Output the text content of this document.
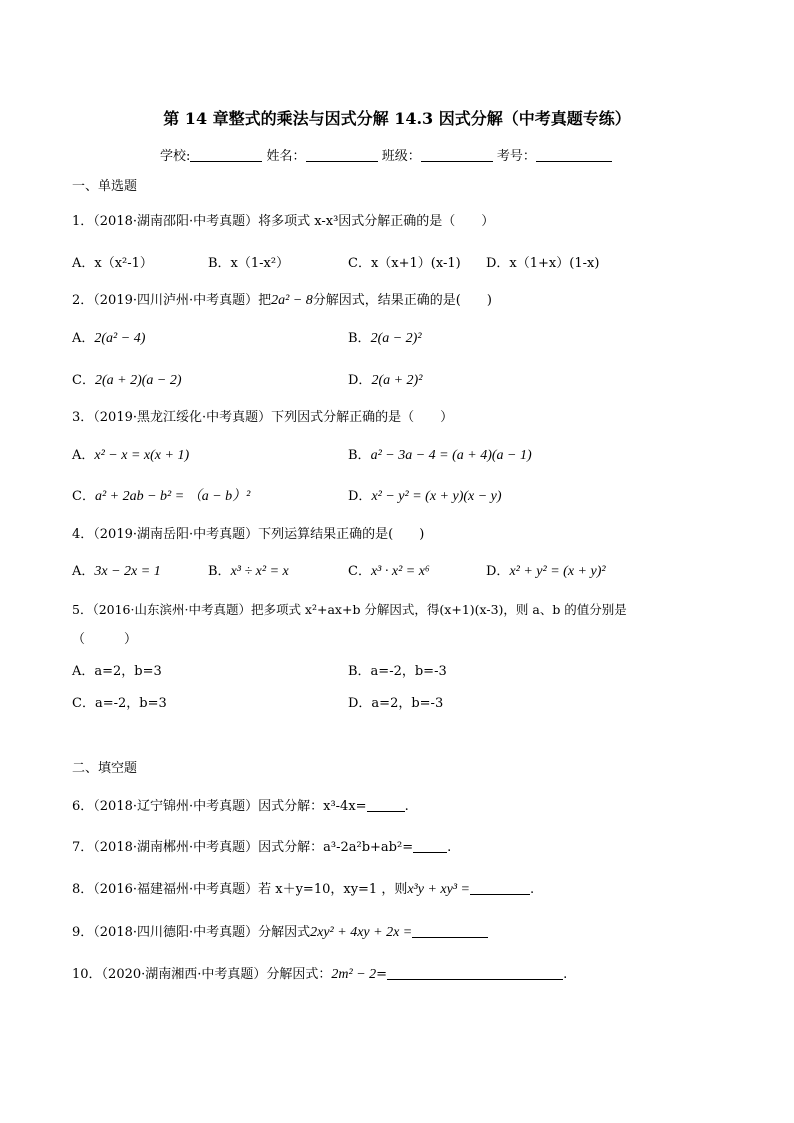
第 14 章整式的乘法与因式分解 14.3 因式分解（中考真题专练）
学校:	姓名：	班级：	考号：
一、单选题
1．（2018·湖南邵阳·中考真题）将多项式 x-x³因式分解正确的是（　　）
A．x（x²-1）	B．x（1-x²）	C．x（x+1）(x-1) D．x（1+x）(1-x)
2．（2019·四川泸州·中考真题）把2a² − 8分解因式，结果正确的是(　　)
A．2(a² − 4)	B．2(a − 2)²
C．2(a + 2)(a − 2)	D．2(a + 2)²
3．（2019·黑龙江绥化·中考真题）下列因式分解正确的是（　　）
A．x² − x = x(x + 1)	B．a² − 3a − 4 = (a + 4)(a − 1)
C．a² + 2ab − b² = （a − b）²	D．x² − y² = (x + y)(x − y)
4．（2019·湖南岳阳·中考真题）下列运算结果正确的是(　　)
A．3x − 2x = 1	B．x³ ÷ x² = x	C．x³ · x² = x⁶	D．x² + y² = (x + y)²
5．（2016·山东滨州·中考真题）把多项式 x²+ax+b 分解因式，得(x+1)(x-3)，则 a、b 的值分别是
（　　　）
A．a=2，b=3	B．a=-2，b=-3
C．a=-2，b=3	D．a=2，b=-3
二、填空题
6．（2018·辽宁锦州·中考真题）因式分解：x³-4x=	.
7．（2018·湖南郴州·中考真题）因式分解：a³-2a²b+ab²=	.
8．（2016·福建福州·中考真题）若 x＋y=10，xy=1 ，则x³y + xy³ =	.
9．（2018·四川德阳·中考真题）分解因式2xy² + 4xy + 2x =
10．（2020·湖南湘西·中考真题）分解因式：2m² − 2=	.
